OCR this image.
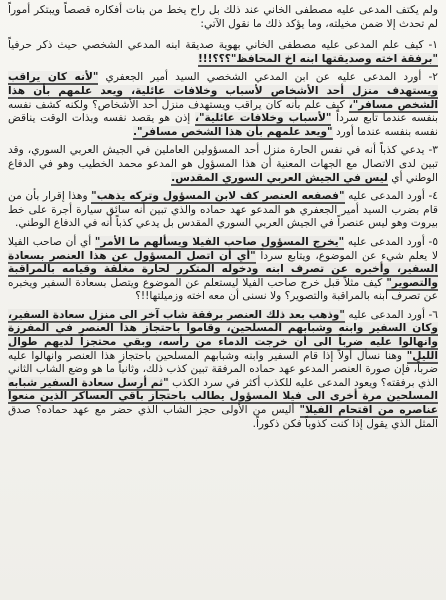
ولم يكتف المدعى عليه مصطفى الخاني عند ذلك بل راح يخط من بنات أفكاره قصصاً ويبتكر أموراً لم تحدث إلا ضمن مخيلته، وما يؤكد ذلك ما نقول الآتي:

١- كيف علم المدعى عليه مصطفى الخاني بهوية صديقة ابنه المدعي الشخصي حيث ذكر حرفياً "برفقة اخته وصديقتها ابنه اخ المحافظ"؟؟؟!!!

٢- أورد المدعى عليه عن ابن المدعي الشخصي السيد أمير الجعفري "لأنه كان يراقب ويستهدف منزل أحد الأشخاص لأسباب وخلافات عائلية، ويعد علمهم بأن هذا الشخص مسافر"، كيف علم بأنه كان يراقب ويستهدف منزل أحد الأشخاص؟ ولكنه كشف نفسه بنفسه عندما تابع سرداً "لأسباب وخلافات عائلية"، إذن هو يقصد نفسه وبذات الوقت يناقض نفسه بنفسه عندما أورد "ويعد علمهم بأن هذا الشخص مسافر".

٣- يدعي كذباً أنه في نفس الحارة منزل أحد المسؤولين العاملين في الجيش العربي السوري، وقد تبين لدى الاتصال مع الجهات المعنية أن هذا المسؤول هو المدعو محمد الخطيب وهو في الدفاع الوطني أي ليس في الجيش العربي السوري المقدس.

٤- أورد المدعى عليه "فصفعه العنصر كف لابن المسؤول وتركه يذهب" وهذا إقرار بأن من قام بضرب السيد أمير الجعفري هو المدعو عهد حماده والذي تبين أنه سائق سيارة أجرة على خط بيروت وهو ليس عنصراً في الجيش العربي السوري المقدس بل يدعي كذباً أنه في الدفاع الوطني.

٥- أورد المدعى عليه "يخرج المسؤول صاحب الفيلا ويسألهم ما الأمر" أي أن صاحب الفيلا لا يعلم شيء عن الموضوع، ويتابع سرداً "أي أن اتصل المسؤول عن هذا العنصر بسعادة السفير، وأخبره عن تصرف ابنه ودخوله المتكرر لحارة مغلقة وقيامه بالمراقبة والتصوير" كيف مثلاً قبل خرج صاحب الفيلا ليستعلم عن الموضوع ويتصل بسعادة السفير ويخبره عن تصرف ابنه بالمراقبة والتصوير؟ ولا نسنى أن معه اخته وزميلتها!!؟

٦- أورد المدعى عليه "وذهب بعد ذلك العنصر برفقة شاب آخر الى منزل سعادة السفير، وكان السفير وابنه وشبابهم المسلحين، وقاموا باحتجاز هذا العنصر في المفرزة وانهالوا عليه ضرباً الى أن خرجت الدماء من رأسه، وبقي محتجزاً لديهم طوال الليل" وهنا نسأل أولاً إذا قام السفير وابنه وشبابهم المسلحين باحتجاز هذا العنصر وانهالوا عليه ضرباً، فإن صورة العنصر المدعو عهد حماده المرفقة تبين كذب ذلك، وثانياً ما هو وضع الشاب الثاني الذي برفقته؟ ويعود المدعى عليه للكذب أكثر في سرد الكذب "ثم أرسل سعادة السفير شبابه المسلحين مرة أخرى الى فيلا المسؤول يطالب باحتجاز باقي العساكر الذين منعوا عناصره من اقتحام الفيلا" أليس من الأولى حجز الشاب الذي حضر مع عهد حماده؟ صدق المثل الذي يقول إذا كنت كذوباً فكن ذكوراً.
